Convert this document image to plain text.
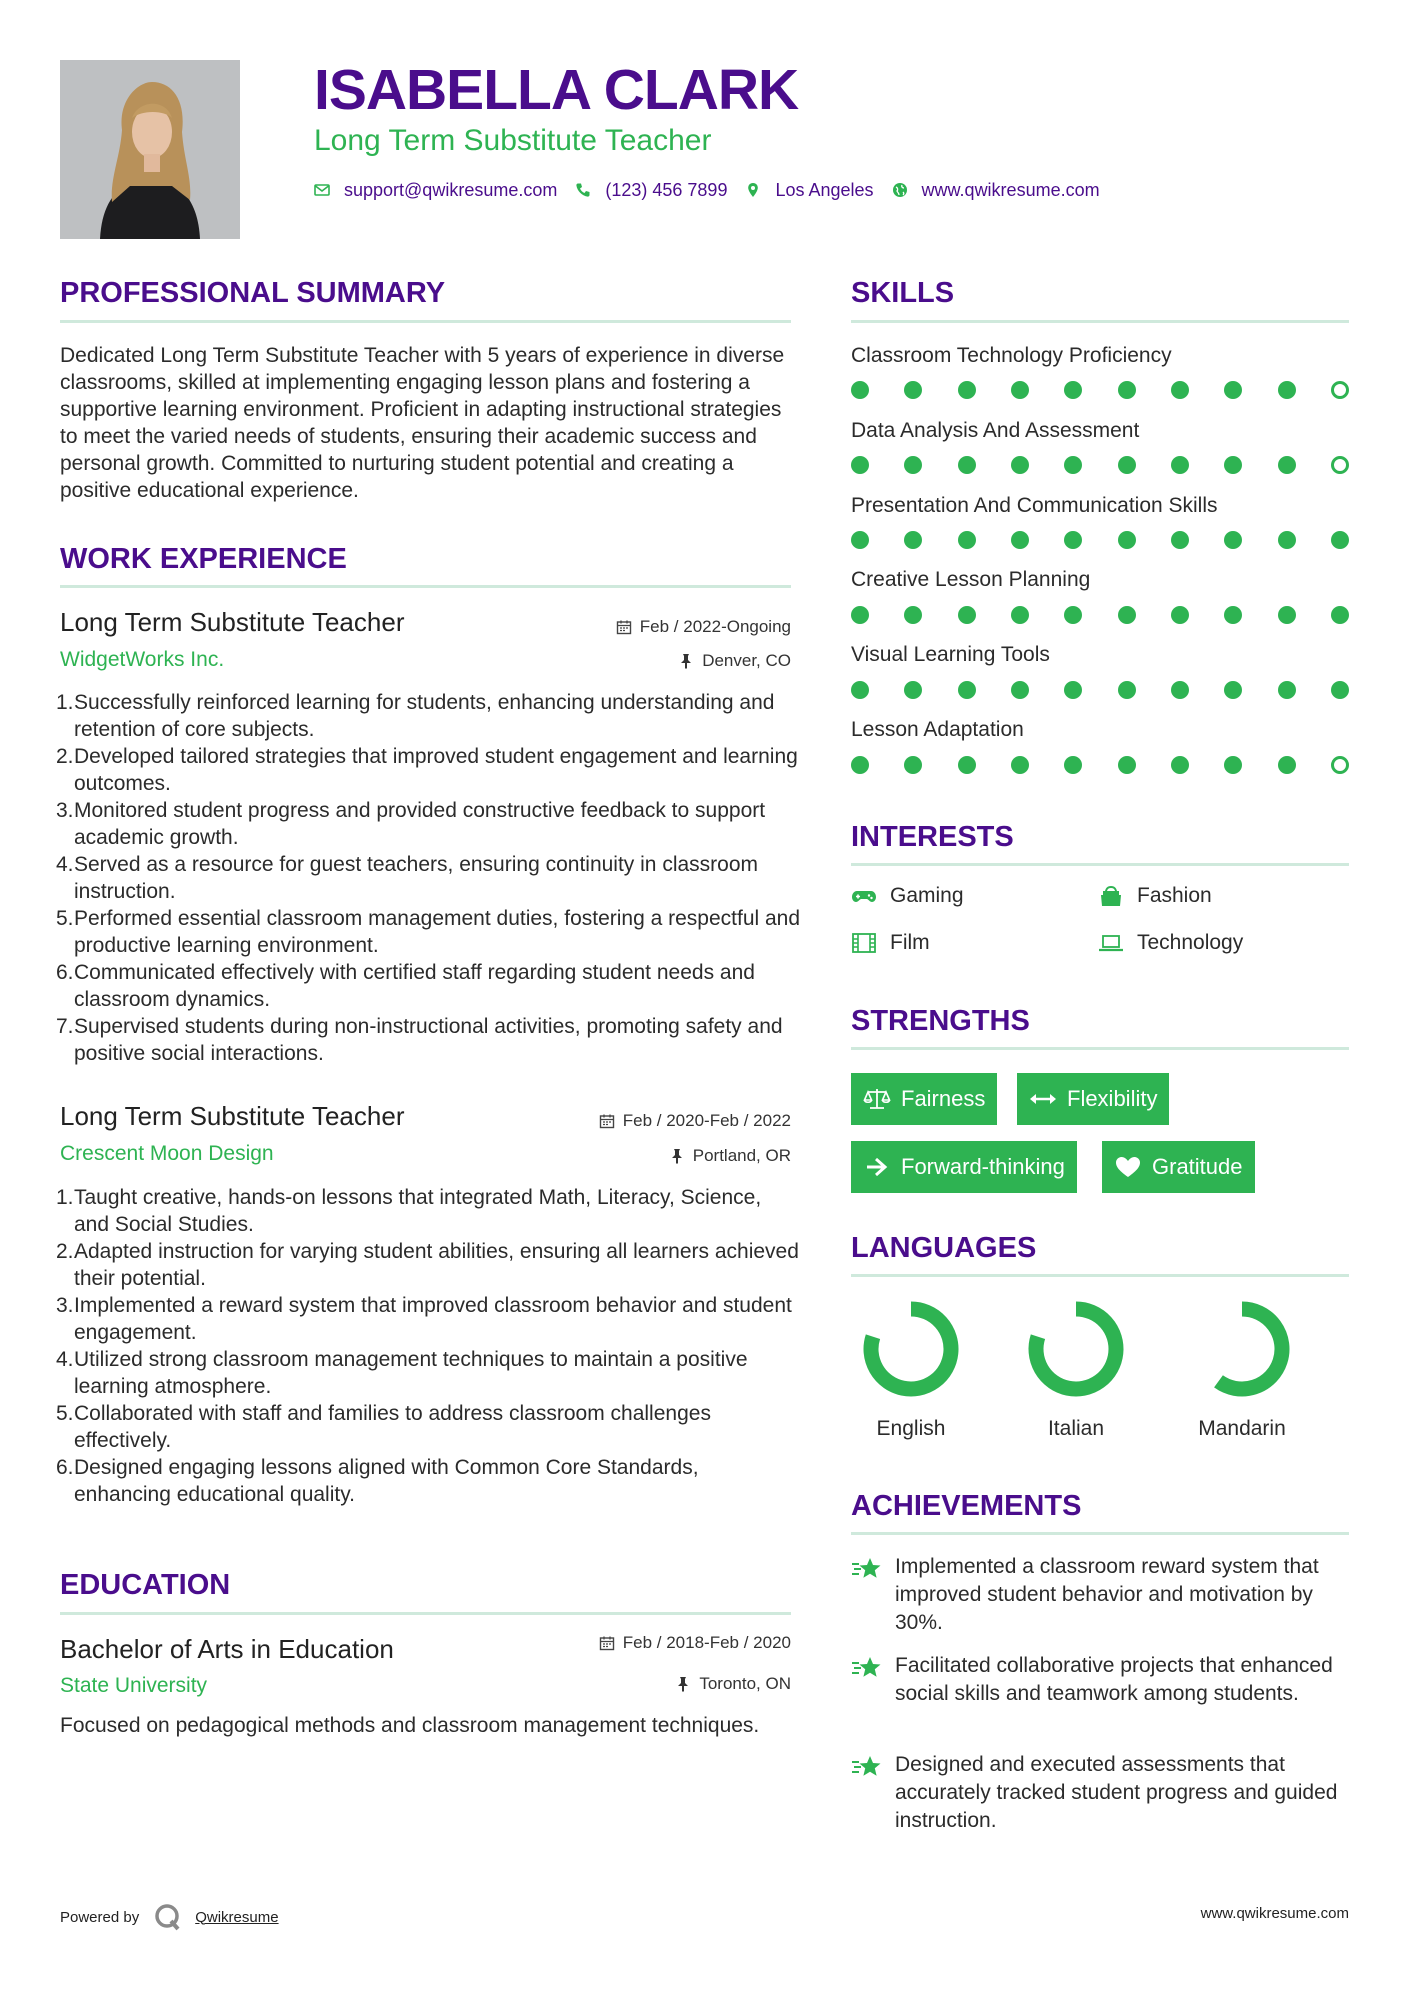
ISABELLA CLARK
Long Term Substitute Teacher
support@qwikresume.com	(123) 456 7899	Los Angeles	www.qwikresume.com
PROFESSIONAL SUMMARY
Dedicated Long Term Substitute Teacher with 5 years of experience in diverse classrooms, skilled at implementing engaging lesson plans and fostering a supportive learning environment. Proficient in adapting instructional strategies to meet the varied needs of students, ensuring their academic success and personal growth. Committed to nurturing student potential and creating a positive educational experience.
WORK EXPERIENCE
Long Term Substitute Teacher	Feb / 2022-Ongoing
WidgetWorks Inc.	Denver, CO
1. Successfully reinforced learning for students, enhancing understanding and retention of core subjects.
2. Developed tailored strategies that improved student engagement and learning outcomes.
3. Monitored student progress and provided constructive feedback to support academic growth.
4. Served as a resource for guest teachers, ensuring continuity in classroom instruction.
5. Performed essential classroom management duties, fostering a respectful and productive learning environment.
6. Communicated effectively with certified staff regarding student needs and classroom dynamics.
7. Supervised students during non-instructional activities, promoting safety and positive social interactions.
Long Term Substitute Teacher	Feb / 2020-Feb / 2022
Crescent Moon Design	Portland, OR
1. Taught creative, hands-on lessons that integrated Math, Literacy, Science, and Social Studies.
2. Adapted instruction for varying student abilities, ensuring all learners achieved their potential.
3. Implemented a reward system that improved classroom behavior and student engagement.
4. Utilized strong classroom management techniques to maintain a positive learning atmosphere.
5. Collaborated with staff and families to address classroom challenges effectively.
6. Designed engaging lessons aligned with Common Core Standards, enhancing educational quality.
EDUCATION
Bachelor of Arts in Education	Feb / 2018-Feb / 2020
State University	Toronto, ON
Focused on pedagogical methods and classroom management techniques.
SKILLS
Classroom Technology Proficiency
Data Analysis And Assessment
Presentation And Communication Skills
Creative Lesson Planning
Visual Learning Tools
Lesson Adaptation
INTERESTS
Gaming	Fashion
Film	Technology
STRENGTHS
Fairness	Flexibility
Forward-thinking	Gratitude
LANGUAGES
English	Italian	Mandarin
ACHIEVEMENTS
Implemented a classroom reward system that improved student behavior and motivation by 30%.
Facilitated collaborative projects that enhanced social skills and teamwork among students.
Designed and executed assessments that accurately tracked student progress and guided instruction.
Powered by	Qwikresume	www.qwikresume.com
